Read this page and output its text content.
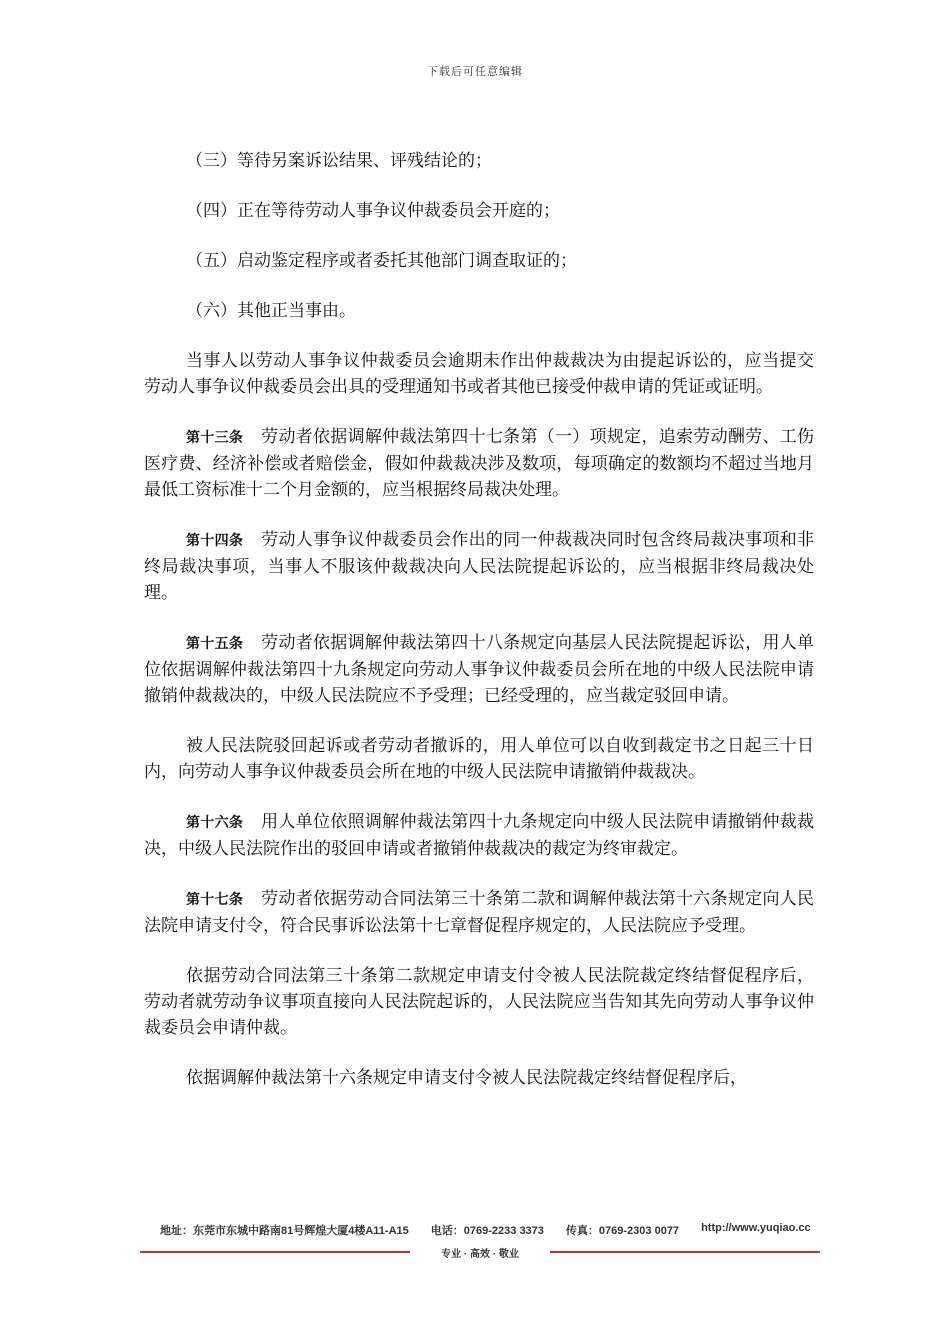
下载后可任意编辑

（三）等待另案诉讼结果、评残结论的；

（四）正在等待劳动人事争议仲裁委员会开庭的；

（五）启动鉴定程序或者委托其他部门调查取证的；

（六）其他正当事由。

当事人以劳动人事争议仲裁委员会逾期未作出仲裁裁决为由提起诉讼的，应当提交劳动人事争议仲裁委员会出具的受理通知书或者其他已接受仲裁申请的凭证或证明。

第十三条 劳动者依据调解仲裁法第四十七条第（一）项规定，追索劳动酬劳、工伤医疗费、经济补偿或者赔偿金，假如仲裁裁决涉及数项，每项确定的数额均不超过当地月最低工资标准十二个月金额的，应当根据终局裁决处理。

第十四条 劳动人事争议仲裁委员会作出的同一仲裁裁决同时包含终局裁决事项和非终局裁决事项，当事人不服该仲裁裁决向人民法院提起诉讼的，应当根据非终局裁决处理。

第十五条 劳动者依据调解仲裁法第四十八条规定向基层人民法院提起诉讼，用人单位依据调解仲裁法第四十九条规定向劳动人事争议仲裁委员会所在地的中级人民法院申请撤销仲裁裁决的，中级人民法院应不予受理；已经受理的，应当裁定驳回申请。

被人民法院驳回起诉或者劳动者撤诉的，用人单位可以自收到裁定书之日起三十日内，向劳动人事争议仲裁委员会所在地的中级人民法院申请撤销仲裁裁决。

第十六条 用人单位依照调解仲裁法第四十九条规定向中级人民法院申请撤销仲裁裁决，中级人民法院作出的驳回申请或者撤销仲裁裁决的裁定为终审裁定。

第十七条 劳动者依据劳动合同法第三十条第二款和调解仲裁法第十六条规定向人民法院申请支付令，符合民事诉讼法第十七章督促程序规定的，人民法院应予受理。

依据劳动合同法第三十条第二款规定申请支付令被人民法院裁定终结督促程序后，劳动者就劳动争议事项直接向人民法院起诉的，人民法院应当告知其先向劳动人事争议仲裁委员会申请仲裁。

依据调解仲裁法第十六条规定申请支付令被人民法院裁定终结督促程序后，

地址：东莞市东城中路南81号辉煌大厦4楼A11-A15 电话：0769-2233 3373 传真：0769-2303 0077 http://www.yuqiao.cc
专业 · 高效 · 敬业
